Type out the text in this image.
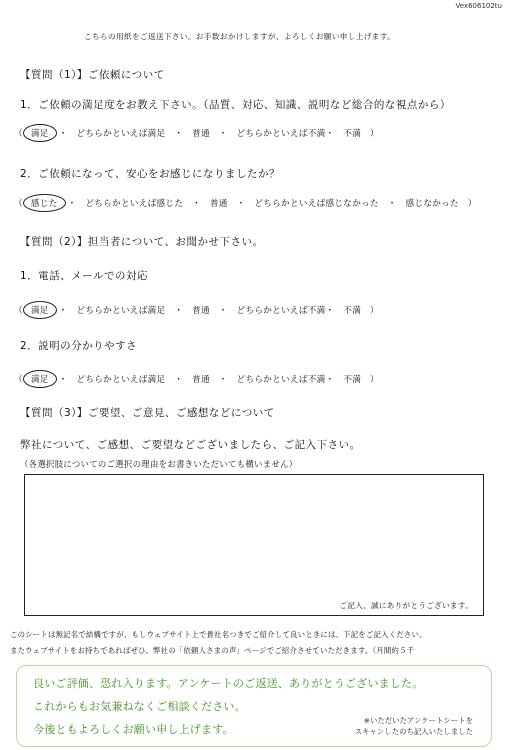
Vex606102tu
こちらの用紙をご返送下さい。お手数おかけしますが、よろしくお願い申し上げます。
【質問（1）】ご依頼について
1．ご依頼の満足度をお教え下さい。（品質、対応、知識、説明など総合的な視点から）
（ 満足 ・　どちらかといえば満足　・　普通　・　どちらかといえば不満・　不満　）
2．ご依頼になって、安心をお感じになりましたか？
（ 感じた ・　どちらかといえば感じた　・　普通　・　どちらかといえば感じなかった　・　感じなかった　）
【質問（2）】担当者について、お聞かせ下さい。
1．電話、メールでの対応
（ 満足 ・　どちらかといえば満足　・　普通　・　どちらかといえば不満・　不満　）
2．説明の分かりやすさ
（ 満足 ・　どちらかといえば満足　・　普通　・　どちらかといえば不満・　不満　）
【質問（3）】ご要望、ご意見、ご感想などについて
弊社について、ご感想、ご要望などございましたら、ご記入下さい。
（各選択肢についてのご選択の理由をお書きいただいても構いません）
ご記入、誠にありがとうございます。
このシートは無記名で結構ですが、もしウェブサイト上で貴社名つきでご紹介して良いときには、下記をご記入ください。
またウェブサイトをお持ちであればぜひ。弊社の「依頼人さまの声」ページでご紹介させていただきます。（月間約５千
良いご評価、恐れ入ります。アンケートのご返送、ありがとうございました。
これからもお気兼ねなくご相談ください。
今後ともよろしくお願い申し上げます。
※いただいたアンケートシートを
スキャンしたのち記入いたしました
